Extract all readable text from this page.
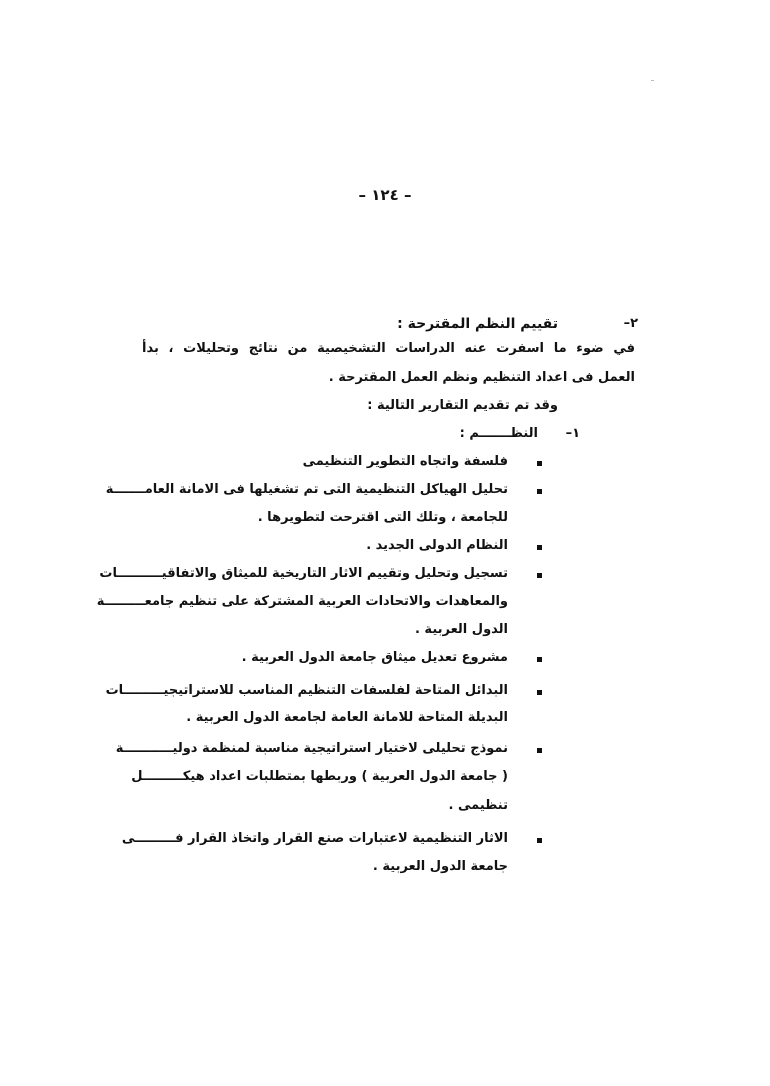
– ١٢٤ –
٢–
تقييم النظم المقترحة :
في ضوء ما اسفرت عنه الدراسات التشخيصية من نتائج وتحليلات ، بدأ
العمل فى اعداد التنظيم ونظم العمل المقترحة .
وقد تم تقديم التقارير التالية :
١–
النظـــــــم :
فلسفة واتجاه التطوير التنظيمى
تحليل الهياكل التنظيمية التى تم تشغيلها فى الامانة العامـــــــة
للجامعة ، وتلك التى اقترحت لتطويرها .
النظام الدولى الجديد .
تسجيل وتحليل وتقييم الاثار التاريخية للميثاق والاتفاقيــــــــــات
والمعاهدات والاتحادات العربية المشتركة على تنظيم جامعـــــــــة
الدول العربية .
مشروع تعديل ميثاق جامعة الدول العربية .
البدائل المتاحة لفلسفات التنظيم المناسب للاستراتيجيـــــــــات
البديلة المتاحة للامانة العامة لجامعة الدول العربية .
نموذج تحليلى لاختيار استراتيجية مناسبة لمنظمة دوليـــــــــــة
( جامعة الدول العربية ) وربطها بمتطلبات اعداد هيكـــــــــل
تنظيمى .
الاثار التنظيمية لاعتبارات صنع القرار واتخاذ القرار فـــــــــى
جامعة الدول العربية .
